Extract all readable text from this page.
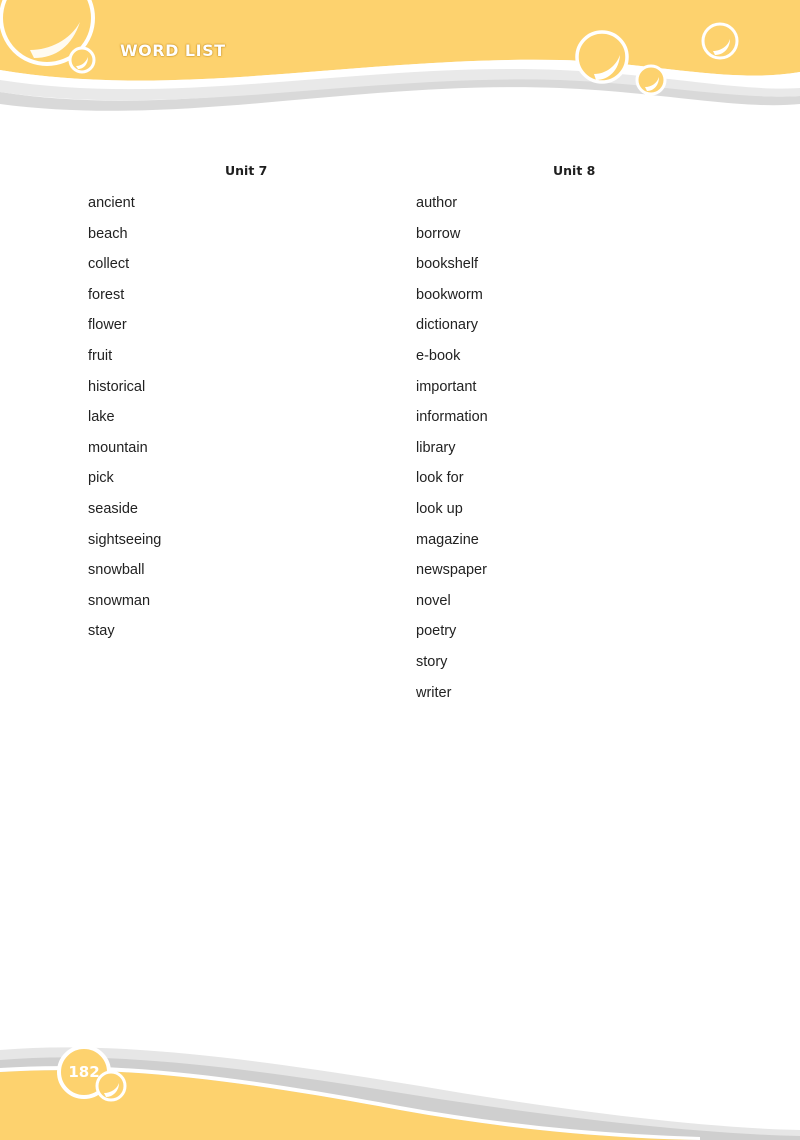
WORD LIST
Unit 7
ancient
beach
collect
forest
flower
fruit
historical
lake
mountain
pick
seaside
sightseeing
snowball
snowman
stay
Unit 8
author
borrow
bookshelf
bookworm
dictionary
e-book
important
information
library
look for
look up
magazine
newspaper
novel
poetry
story
writer
182
